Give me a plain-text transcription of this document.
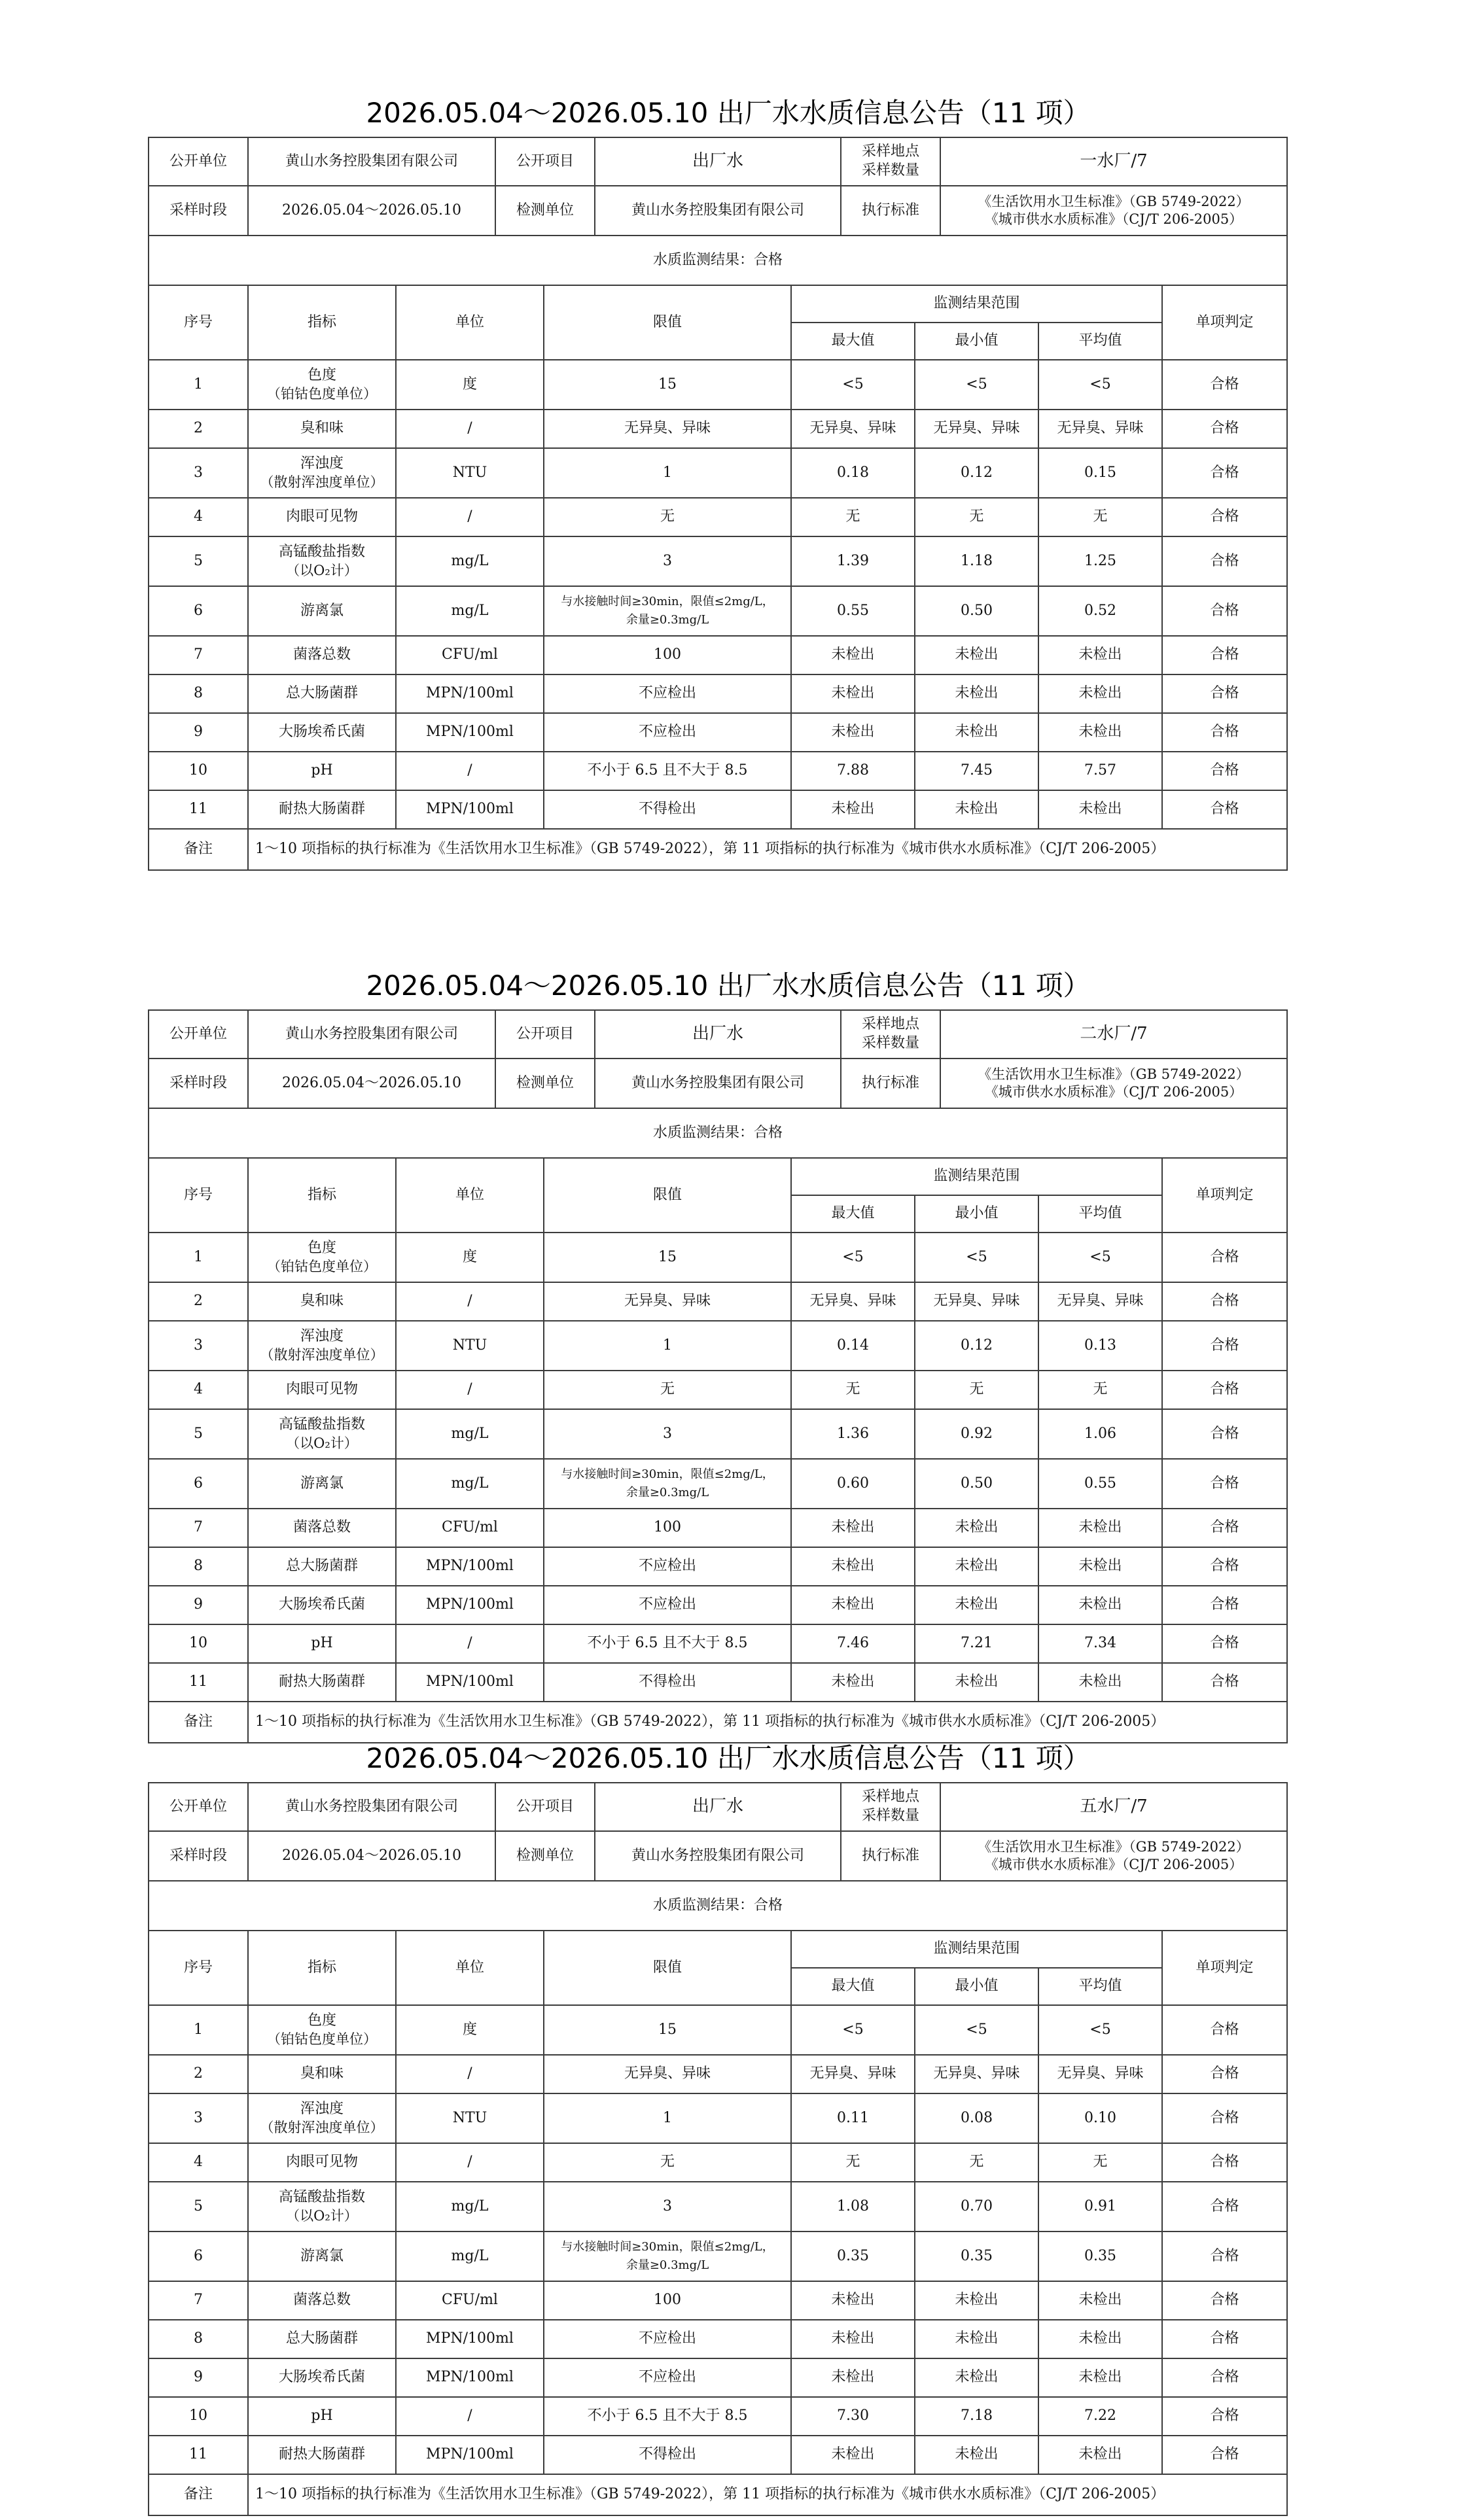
2026.05.04～2026.05.10 出厂水水质信息公告（11 项）
公开单位	黄山水务控股集团有限公司	公开项目	出厂水	采样地点
采样数量	一水厂/7
采样时段	2026.05.04～2026.05.10	检测单位	黄山水务控股集团有限公司	执行标准	《生活饮用水卫生标准》（GB 5749-2022）
《城市供水水质标准》（CJ/T 206-2005）
水质监测结果：合格							
序号	指标	单位	限值	监测结果范围			单项判定
				最大值	最小值	平均值	
1	色度
（铂钴色度单位）	度	15	<5	<5	<5	合格
2	臭和味	/	无异臭、异味	无异臭、异味	无异臭、异味	无异臭、异味	合格
3	浑浊度
（散射浑浊度单位）	NTU	1	0.18	0.12	0.15	合格
4	肉眼可见物	/	无	无	无	无	合格
5	高锰酸盐指数
（以O₂计）	mg/L	3	1.39	1.18	1.25	合格
6	游离氯	mg/L	与水接触时间≥30min，限值≤2mg/L，
余量≥0.3mg/L	0.55	0.50	0.52	合格
7	菌落总数	CFU/ml	100	未检出	未检出	未检出	合格
8	总大肠菌群	MPN/100ml	不应检出	未检出	未检出	未检出	合格
9	大肠埃希氏菌	MPN/100ml	不应检出	未检出	未检出	未检出	合格
10	pH	/	不小于 6.5 且不大于 8.5	7.88	7.45	7.57	合格
11	耐热大肠菌群	MPN/100ml	不得检出	未检出	未检出	未检出	合格
备注	1～10 项指标的执行标准为《生活饮用水卫生标准》（GB 5749-2022），第 11 项指标的执行标准为《城市供水水质标准》（CJ/T 206-2005）						
2026.05.04～2026.05.10 出厂水水质信息公告（11 项）
公开单位	黄山水务控股集团有限公司	公开项目	出厂水	采样地点
采样数量	二水厂/7
采样时段	2026.05.04～2026.05.10	检测单位	黄山水务控股集团有限公司	执行标准	《生活饮用水卫生标准》（GB 5749-2022）
《城市供水水质标准》（CJ/T 206-2005）
水质监测结果：合格							
序号	指标	单位	限值	监测结果范围			单项判定
				最大值	最小值	平均值	
1	色度
（铂钴色度单位）	度	15	<5	<5	<5	合格
2	臭和味	/	无异臭、异味	无异臭、异味	无异臭、异味	无异臭、异味	合格
3	浑浊度
（散射浑浊度单位）	NTU	1	0.14	0.12	0.13	合格
4	肉眼可见物	/	无	无	无	无	合格
5	高锰酸盐指数
（以O₂计）	mg/L	3	1.36	0.92	1.06	合格
6	游离氯	mg/L	与水接触时间≥30min，限值≤2mg/L，
余量≥0.3mg/L	0.60	0.50	0.55	合格
7	菌落总数	CFU/ml	100	未检出	未检出	未检出	合格
8	总大肠菌群	MPN/100ml	不应检出	未检出	未检出	未检出	合格
9	大肠埃希氏菌	MPN/100ml	不应检出	未检出	未检出	未检出	合格
10	pH	/	不小于 6.5 且不大于 8.5	7.46	7.21	7.34	合格
11	耐热大肠菌群	MPN/100ml	不得检出	未检出	未检出	未检出	合格
备注	1～10 项指标的执行标准为《生活饮用水卫生标准》（GB 5749-2022），第 11 项指标的执行标准为《城市供水水质标准》（CJ/T 206-2005）						
2026.05.04～2026.05.10 出厂水水质信息公告（11 项）
公开单位	黄山水务控股集团有限公司	公开项目	出厂水	采样地点
采样数量	五水厂/7
采样时段	2026.05.04～2026.05.10	检测单位	黄山水务控股集团有限公司	执行标准	《生活饮用水卫生标准》（GB 5749-2022）
《城市供水水质标准》（CJ/T 206-2005）
水质监测结果：合格							
序号	指标	单位	限值	监测结果范围			单项判定
				最大值	最小值	平均值	
1	色度
（铂钴色度单位）	度	15	<5	<5	<5	合格
2	臭和味	/	无异臭、异味	无异臭、异味	无异臭、异味	无异臭、异味	合格
3	浑浊度
（散射浑浊度单位）	NTU	1	0.11	0.08	0.10	合格
4	肉眼可见物	/	无	无	无	无	合格
5	高锰酸盐指数
（以O₂计）	mg/L	3	1.08	0.70	0.91	合格
6	游离氯	mg/L	与水接触时间≥30min，限值≤2mg/L，
余量≥0.3mg/L	0.35	0.35	0.35	合格
7	菌落总数	CFU/ml	100	未检出	未检出	未检出	合格
8	总大肠菌群	MPN/100ml	不应检出	未检出	未检出	未检出	合格
9	大肠埃希氏菌	MPN/100ml	不应检出	未检出	未检出	未检出	合格
10	pH	/	不小于 6.5 且不大于 8.5	7.30	7.18	7.22	合格
11	耐热大肠菌群	MPN/100ml	不得检出	未检出	未检出	未检出	合格
备注	1～10 项指标的执行标准为《生活饮用水卫生标准》（GB 5749-2022），第 11 项指标的执行标准为《城市供水水质标准》（CJ/T 206-2005）						
